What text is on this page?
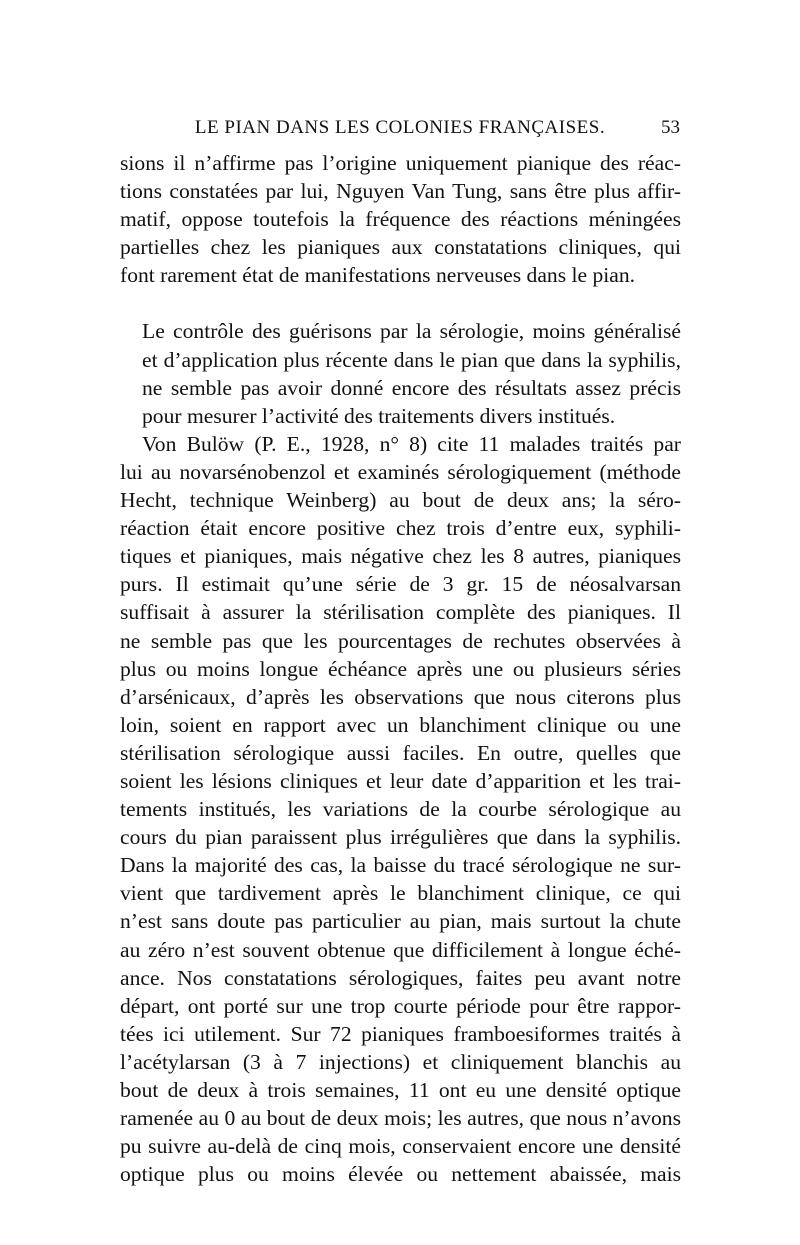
LE PIAN DANS LES COLONIES FRANÇAISES.	53

sions il n’affirme pas l’origine uniquement pianique des réac-
tions constatées par lui, Nguyen Van Tung, sans être plus affir-
matif, oppose toutefois la fréquence des réactions méningées
partielles chez les pianiques aux constatations cliniques, qui
font rarement état de manifestations nerveuses dans le pian.

Le contrôle des guérisons par la sérologie, moins généralisé
et d’application plus récente dans le pian que dans la syphilis,
ne semble pas avoir donné encore des résultats assez précis
pour mesurer l’activité des traitements divers institués.

Von Bulöw (P. E., 1928, n° 8) cite 11 malades traités par
lui au novarsénobenzol et examinés sérologiquement (méthode
Hecht, technique Weinberg) au bout de deux ans; la séro-
réaction était encore positive chez trois d’entre eux, syphili-
tiques et pianiques, mais négative chez les 8 autres, pianiques
purs. Il estimait qu’une série de 3 gr. 15 de néosalvarsan
suffisait à assurer la stérilisation complète des pianiques. Il
ne semble pas que les pourcentages de rechutes observées à
plus ou moins longue échéance après une ou plusieurs séries
d’arsénicaux, d’après les observations que nous citerons plus
loin, soient en rapport avec un blanchiment clinique ou une
stérilisation sérologique aussi faciles. En outre, quelles que
soient les lésions cliniques et leur date d’apparition et les trai-
tements institués, les variations de la courbe sérologique au
cours du pian paraissent plus irrégulières que dans la syphilis.
Dans la majorité des cas, la baisse du tracé sérologique ne sur-
vient que tardivement après le blanchiment clinique, ce qui
n’est sans doute pas particulier au pian, mais surtout la chute
au zéro n’est souvent obtenue que difficilement à longue éché-
ance. Nos constatations sérologiques, faites peu avant notre
départ, ont porté sur une trop courte période pour être rappor-
tées ici utilement. Sur 72 pianiques framboesiformes traités à
l’acétylarsan (3 à 7 injections) et cliniquement blanchis au
bout de deux à trois semaines, 11 ont eu une densité optique
ramenée au 0 au bout de deux mois; les autres, que nous n’avons
pu suivre au-delà de cinq mois, conservaient encore une densité
optique plus ou moins élevée ou nettement abaissée, mais
